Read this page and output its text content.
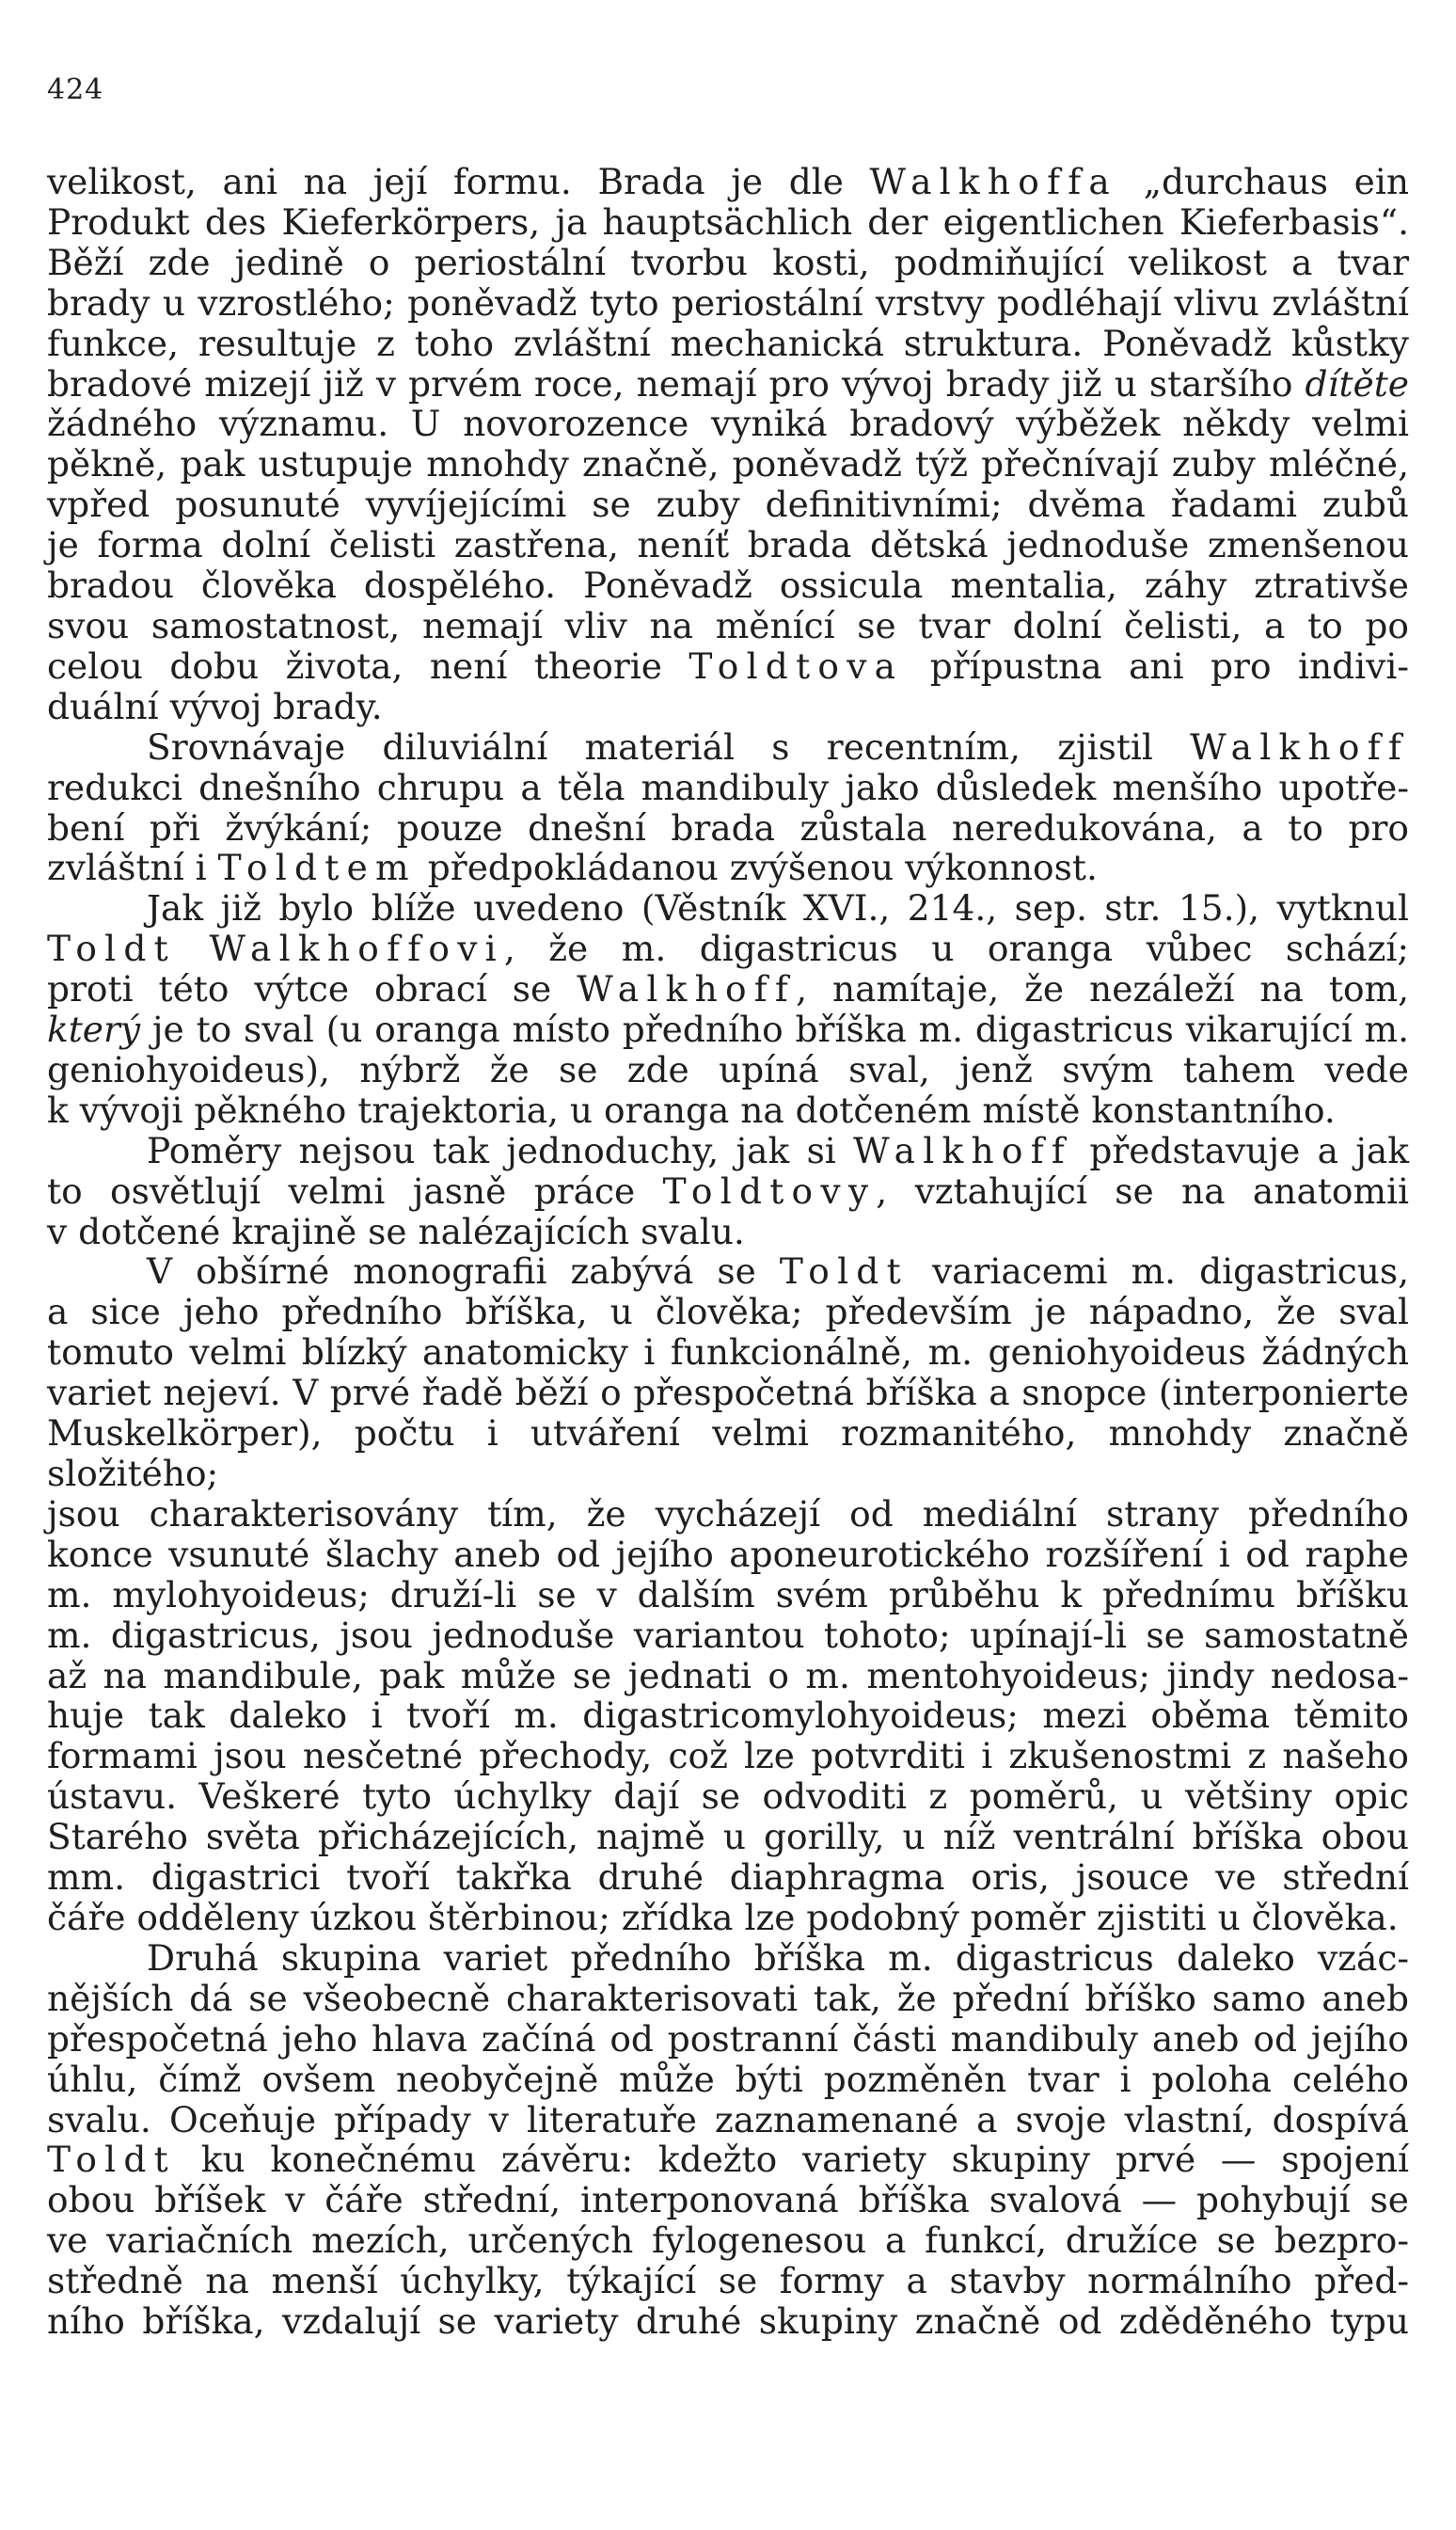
424

velikost, ani na její formu. Brada je dle Walkhoffa „durchaus ein

Produkt des Kieferkörpers, ja hauptsächlich der eigentlichen Kieferbasis“.

Běží zde jedině o periostální tvorbu kosti, podmiňující velikost a tvar

brady u vzrostlého; poněvadž tyto periostální vrstvy podléhají vlivu zvláštní

funkce, resultuje z toho zvláštní mechanická struktura. Poněvadž kůstky

bradové mizejí již v prvém roce, nemají pro vývoj brady již u staršího dítěte

žádného významu. U novorozence vyniká bradový výběžek někdy velmi

pěkně, pak ustupuje mnohdy značně, poněvadž týž přečnívají zuby mléčné,

vpřed posunuté vyvíjejícími se zuby definitivními; dvěma řadami zubů

je forma dolní čelisti zastřena, neníť brada dětská jednoduše zmenšenou

bradou člověka dospělého. Poněvadž ossicula mentalia, záhy ztrativše

svou samostatnost, nemají vliv na měnící se tvar dolní čelisti, a to po

celou dobu života, není theorie Toldtova přípustna ani pro indivi-

duální vývoj brady.

Srovnávaje diluviální materiál s recentním, zjistil Walkhoff

redukci dnešního chrupu a těla mandibuly jako důsledek menšího upotře-

bení při žvýkání; pouze dnešní brada zůstala neredukována, a to pro

zvláštní i Toldtem předpokládanou zvýšenou výkonnost.

Jak již bylo blíže uvedeno (Věstník XVI., 214., sep. str. 15.), vytknul

Toldt Walkhoffovi, že m. digastricus u oranga vůbec schází;

proti této výtce obrací se Walkhoff, namítaje, že nezáleží na tom,

který je to sval (u oranga místo předního bříška m. digastricus vikarující m.

geniohyoideus), nýbrž že se zde upíná sval, jenž svým tahem vede

k vývoji pěkného trajektoria, u oranga na dotčeném místě konstantního.

Poměry nejsou tak jednoduchy, jak si Walkhoff představuje a jak

to osvětlují velmi jasně práce Toldtovy, vztahující se na anatomii

v dotčené krajině se nalézajících svalu.

V obšírné monografii zabývá se Toldt variacemi m. digastricus,

a sice jeho předního bříška, u člověka; především je nápadno, že sval

tomuto velmi blízký anatomicky i funkcionálně, m. geniohyoideus žádných

variet nejeví. V prvé řadě běží o přespočetná bříška a snopce (interponierte

Muskelkörper), počtu i utváření velmi rozmanitého, mnohdy značně složitého;

jsou charakterisovány tím, že vycházejí od mediální strany předního

konce vsunuté šlachy aneb od jejího aponeurotického rozšíření i od raphe

m. mylohyoideus; druží-li se v dalším svém průběhu k přednímu bříšku

m. digastricus, jsou jednoduše variantou tohoto; upínají-li se samostatně

až na mandibule, pak může se jednati o m. mentohyoideus; jindy nedosa-

huje tak daleko i tvoří m. digastricomylohyoideus; mezi oběma těmito

formami jsou nesčetné přechody, což lze potvrditi i zkušenostmi z našeho

ústavu. Veškeré tyto úchylky dají se odvoditi z poměrů, u většiny opic

Starého světa přicházejících, najmě u gorilly, u níž ventrální bříška obou

mm. digastrici tvoří takřka druhé diaphragma oris, jsouce ve střední

čáře odděleny úzkou štěrbinou; zřídka lze podobný poměr zjistiti u člověka.

Druhá skupina variet předního bříška m. digastricus daleko vzác-

nějších dá se všeobecně charakterisovati tak, že přední bříško samo aneb

přespočetná jeho hlava začíná od postranní části mandibuly aneb od jejího

úhlu, čímž ovšem neobyčejně může býti pozměněn tvar i poloha celého

svalu. Oceňuje případy v literatuře zaznamenané a svoje vlastní, dospívá

Toldt ku konečnému závěru: kdežto variety skupiny prvé — spojení

obou bříšek v čáře střední, interponovaná bříška svalová — pohybují se

ve variačních mezích, určených fylogenesou a funkcí, družíce se bezpro-

středně na menší úchylky, týkající se formy a stavby normálního před-

ního bříška, vzdalují se variety druhé skupiny značně od zděděného typu
